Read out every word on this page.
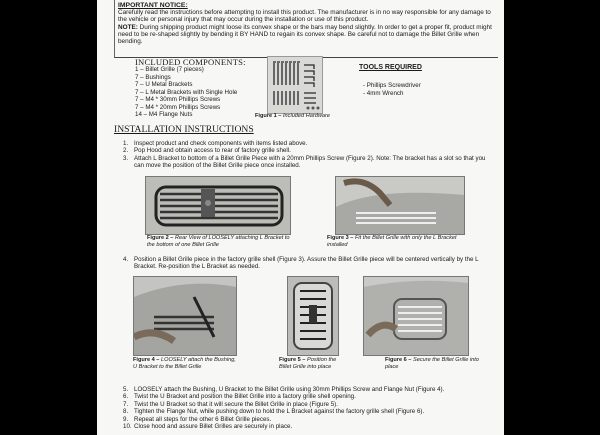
IMPORTANT NOTICE:
Carefully read the instructions before attempting to install this product. The manufacturer is in no way responsible for any damage to the vehicle or personal injury that may occur during the installation or use of this product.
NOTE: During shipping product might loose its convex shape or the bars may bend slightly. In order to get a proper fit, product might need to be re-shaped slightly by bending it BY HAND to regain its convex shape. Be careful not to damage the Billet Grille when bending.
INCLUDED COMPONENTS:
1 – Billet Grille (7 pieces)
7 – Bushings
7 – U Metal Brackets
7 – L Metal Brackets with Single Hole
7 – M4 * 30mm Phillips Screws
7 – M4 * 20mm Phillips Screws
14 – M4 Flange Nuts	Figure 1 – Included Hardware
TOOLS REQUIRED
- Phillips Screwdriver
- 4mm Wrench
INSTALLATION INSTRUCTIONS
1. Inspect product and check components with items listed above.
2. Pop Hood and obtain access to rear of factory grille shell.
3. Attach L Bracket to bottom of a Billet Grille Piece with a 20mm Phillips Screw (Figure 2). Note: The bracket has a slot so that you can move the position of the Billet Grille piece once installed.
Figure 2 – Rear View of LOOSELY attaching L Bracket to the bottom of one Billet Grille
Figure 3 – Fit the Billet Grille with only the L Bracket installed
4. Position a Billet Grille piece in the factory grille shell (Figure 3). Assure the Billet Grille piece will be centered vertically by the L Bracket. Re-position the L Bracket as needed.
Figure 4 – LOOSELY attach the Bushing, U Bracket to the Billet Grille
Figure 5 – Position the Billet Grille into place
Figure 6 – Secure the Billet Grille into place
5. LOOSELY attach the Bushing, U Bracket to the Billet Grille using 30mm Phillips Screw and Flange Nut (Figure 4).
6. Twist the U Bracket and position the Billet Grille into a factory grille shell opening.
7. Twist the U Bracket so that it will secure the Billet Grille in place (Figure 5).
8. Tighten the Flange Nut, while pushing down to hold the L Bracket against the factory grille shell (Figure 6).
9. Repeat all steps for the other 6 Billet Grille pieces.
10. Close hood and assure Billet Grilles are securely in place.
